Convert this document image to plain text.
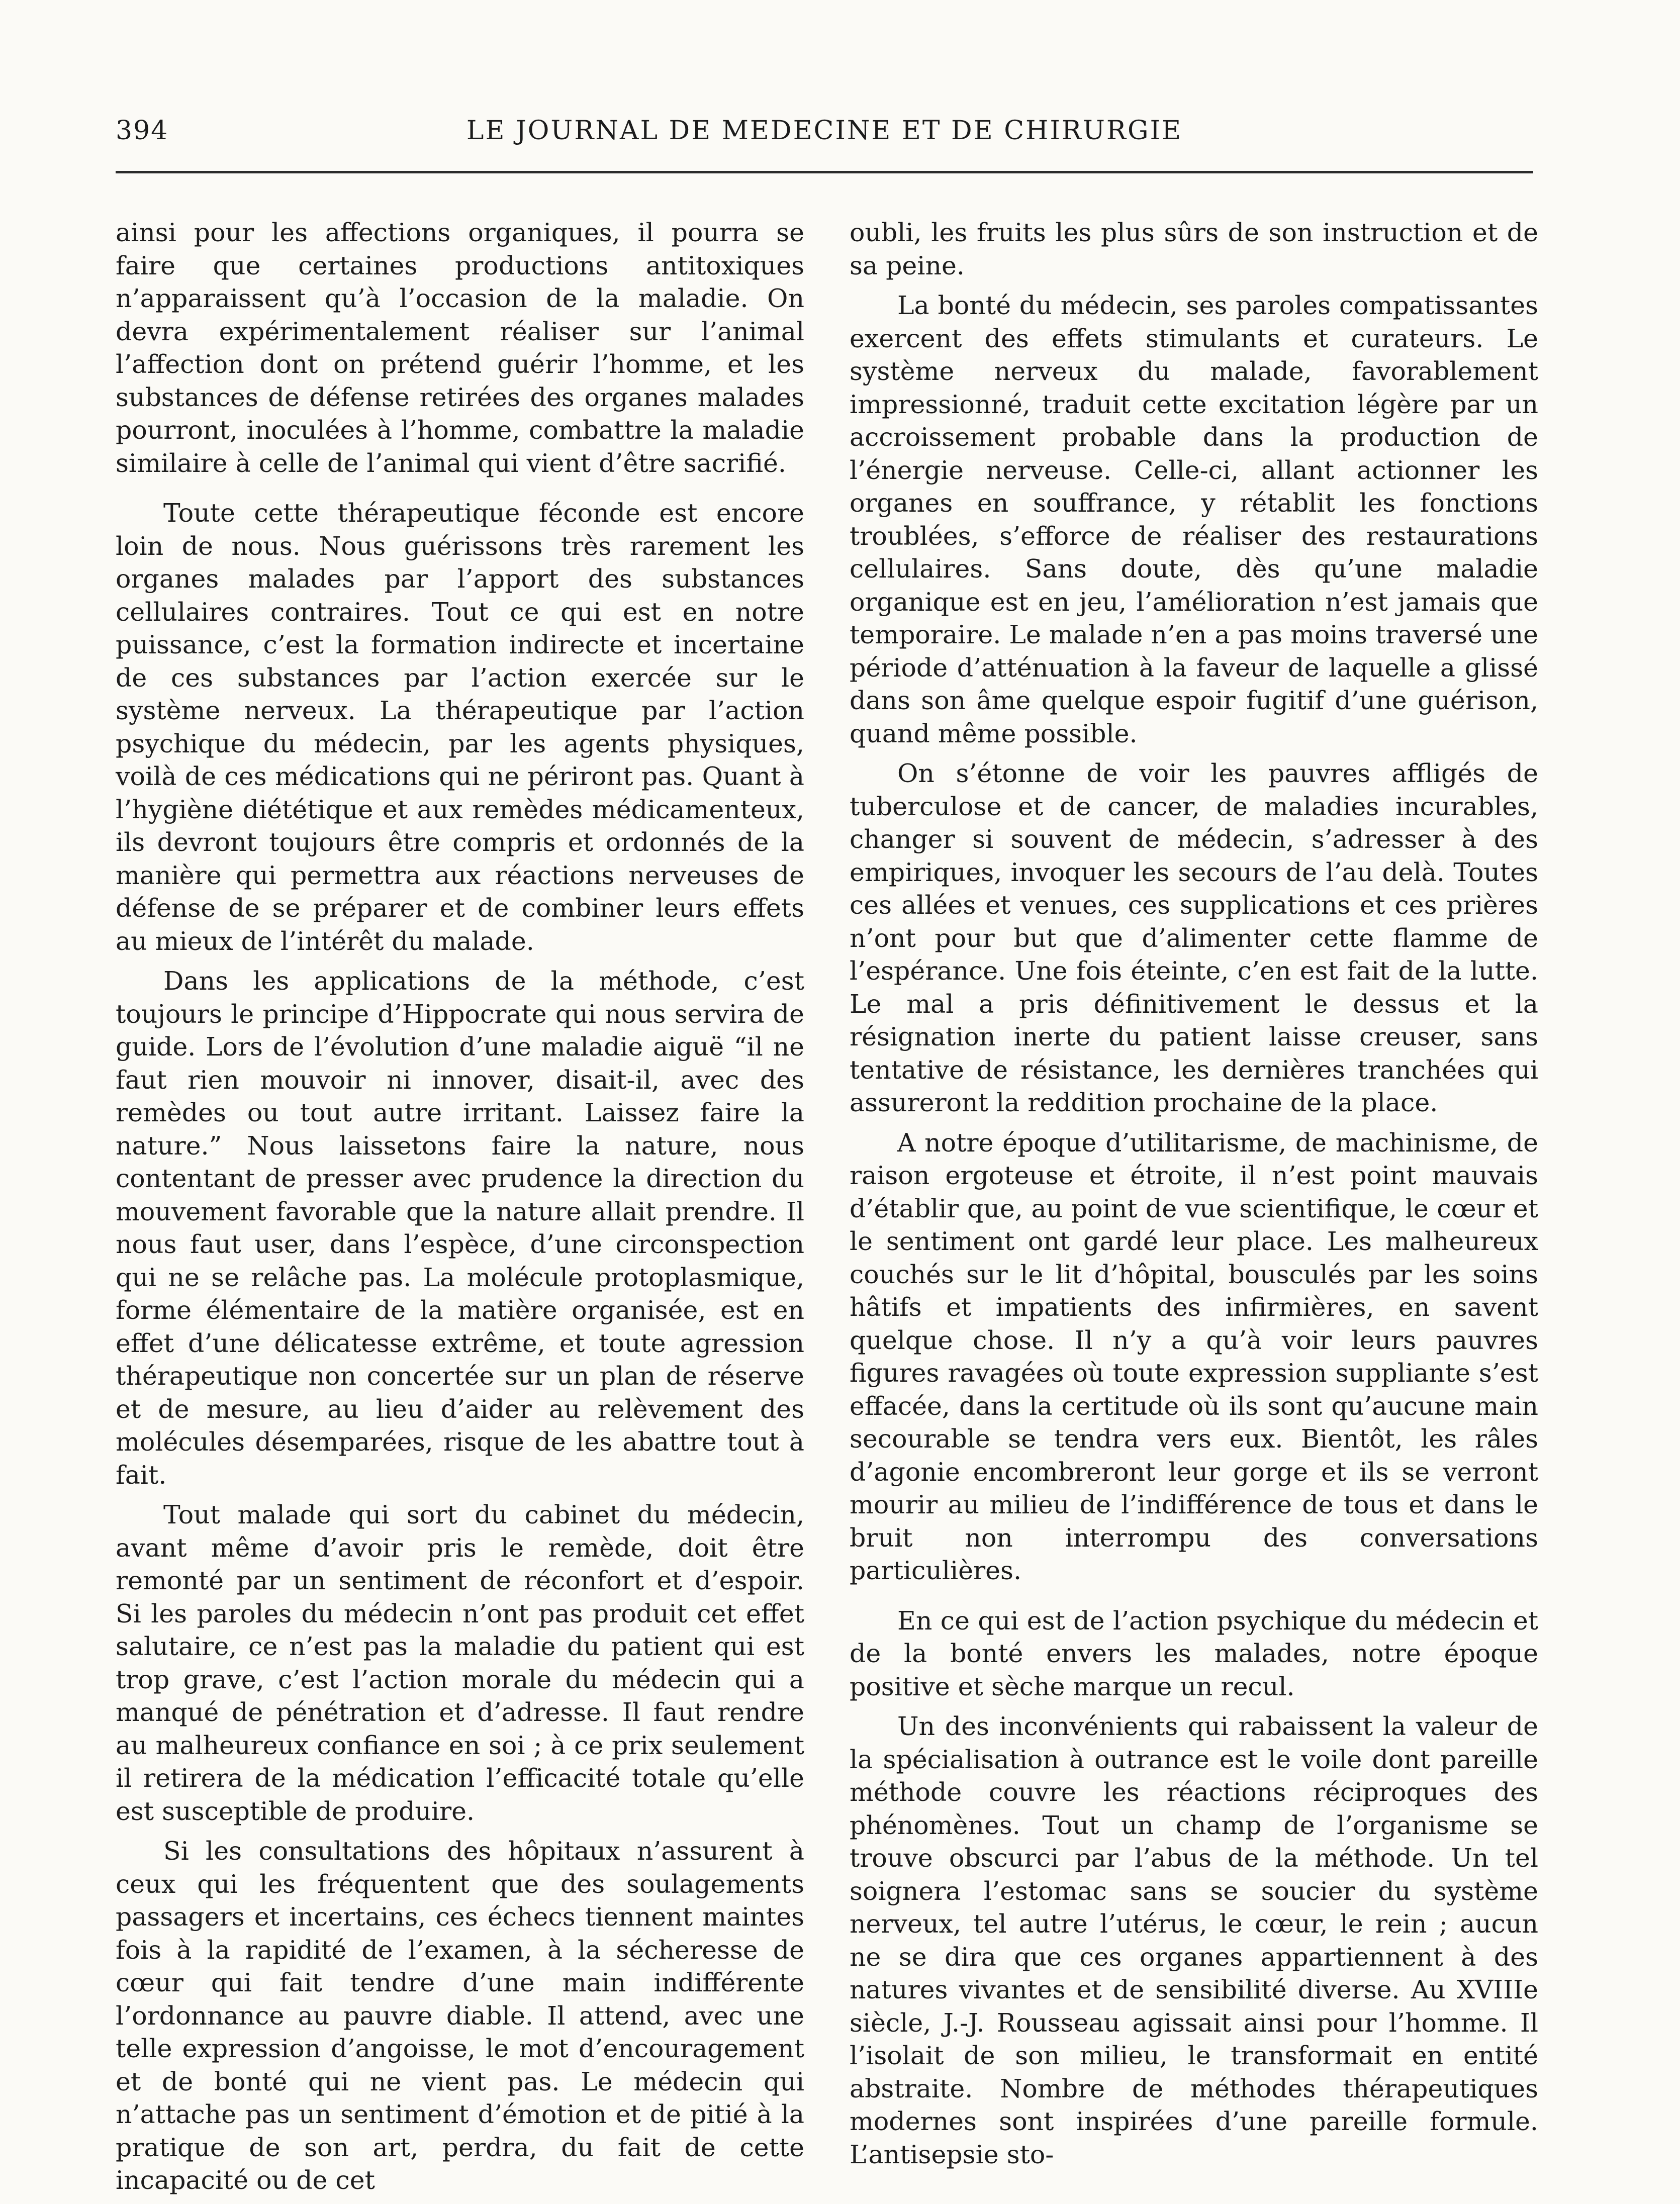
394	LE JOURNAL DE MEDECINE ET DE CHIRURGIE

ainsi pour les affections organiques, il pourra se faire que certaines productions antitoxiques n’apparaissent qu’à l’occasion de la maladie. On devra expérimentalement réaliser sur l’animal l’affection dont on prétend guérir l’homme, et les substances de défense retirées des organes malades pourront, inoculées à l’homme, combattre la maladie similaire à celle de l’animal qui vient d’être sacrifié.

Toute cette thérapeutique féconde est encore loin de nous. Nous guérissons très rarement les organes malades par l’apport des substances cellulaires contraires. Tout ce qui est en notre puissance, c’est la formation indirecte et incertaine de ces substances par l’action exercée sur le système nerveux. La thérapeutique par l’action psychique du médecin, par les agents physiques, voilà de ces médications qui ne périront pas. Quant à l’hygiène diététique et aux remèdes médicamenteux, ils devront toujours être compris et ordonnés de la manière qui permettra aux réactions nerveuses de défense de se préparer et de combiner leurs effets au mieux de l’intérêt du malade.

Dans les applications de la méthode, c’est toujours le principe d’Hippocrate qui nous servira de guide. Lors de l’évolution d’une maladie aiguë “il ne faut rien mouvoir ni innover, disait-il, avec des remèdes ou tout autre irritant. Laissez faire la nature.” Nous laissetons faire la nature, nous contentant de presser avec prudence la direction du mouvement favorable que la nature allait prendre. Il nous faut user, dans l’espèce, d’une circonspection qui ne se relâche pas. La molécule protoplasmique, forme élémentaire de la matière organisée, est en effet d’une délicatesse extrême, et toute agression thérapeutique non concertée sur un plan de réserve et de mesure, au lieu d’aider au relèvement des molécules désemparées, risque de les abattre tout à fait.

Tout malade qui sort du cabinet du médecin, avant même d’avoir pris le remède, doit être remonté par un sentiment de réconfort et d’espoir. Si les paroles du médecin n’ont pas produit cet effet salutaire, ce n’est pas la maladie du patient qui est trop grave, c’est l’action morale du médecin qui a manqué de pénétration et d’adresse. Il faut rendre au malheureux confiance en soi ; à ce prix seulement il retirera de la médication l’efficacité totale qu’elle est susceptible de produire.

Si les consultations des hôpitaux n’assurent à ceux qui les fréquentent que des soulagements passagers et incertains, ces échecs tiennent maintes fois à la rapidité de l’examen, à la sécheresse de cœur qui fait tendre d’une main indifférente l’ordonnance au pauvre diable. Il attend, avec une telle expression d’angoisse, le mot d’encouragement et de bonté qui ne vient pas. Le médecin qui n’attache pas un sentiment d’émotion et de pitié à la pratique de son art, perdra, du fait de cette incapacité ou de cet

oubli, les fruits les plus sûrs de son instruction et de sa peine.

La bonté du médecin, ses paroles compatissantes exercent des effets stimulants et curateurs. Le système nerveux du malade, favorablement impressionné, traduit cette excitation légère par un accroissement probable dans la production de l’énergie nerveuse. Celle-ci, allant actionner les organes en souffrance, y rétablit les fonctions troublées, s’efforce de réaliser des restaurations cellulaires. Sans doute, dès qu’une maladie organique est en jeu, l’amélioration n’est jamais que temporaire. Le malade n’en a pas moins traversé une période d’atténuation à la faveur de laquelle a glissé dans son âme quelque espoir fugitif d’une guérison, quand même possible.

On s’étonne de voir les pauvres affligés de tuberculose et de cancer, de maladies incurables, changer si souvent de médecin, s’adresser à des empiriques, invoquer les secours de l’au delà. Toutes ces allées et venues, ces supplications et ces prières n’ont pour but que d’alimenter cette flamme de l’espérance. Une fois éteinte, c’en est fait de la lutte. Le mal a pris définitivement le dessus et la résignation inerte du patient laisse creuser, sans tentative de résistance, les dernières tranchées qui assureront la reddition prochaine de la place.

A notre époque d’utilitarisme, de machinisme, de raison ergoteuse et étroite, il n’est point mauvais d’établir que, au point de vue scientifique, le cœur et le sentiment ont gardé leur place. Les malheureux couchés sur le lit d’hôpital, bousculés par les soins hâtifs et impatients des infirmières, en savent quelque chose. Il n’y a qu’à voir leurs pauvres figures ravagées où toute expression suppliante s’est effacée, dans la certitude où ils sont qu’aucune main secourable se tendra vers eux. Bientôt, les râles d’agonie encombreront leur gorge et ils se verront mourir au milieu de l’indifférence de tous et dans le bruit non interrompu des conversations particulières.

En ce qui est de l’action psychique du médecin et de la bonté envers les malades, notre époque positive et sèche marque un recul.

Un des inconvénients qui rabaissent la valeur de la spécialisation à outrance est le voile dont pareille méthode couvre les réactions réciproques des phénomènes. Tout un champ de l’organisme se trouve obscurci par l’abus de la méthode. Un tel soignera l’estomac sans se soucier du système nerveux, tel autre l’utérus, le cœur, le rein ; aucun ne se dira que ces organes appartiennent à des natures vivantes et de sensibilité diverse. Au XVIIIe siècle, J.-J. Rousseau agissait ainsi pour l’homme. Il l’isolait de son milieu, le transformait en entité abstraite. Nombre de méthodes thérapeutiques modernes sont inspirées d’une pareille formule. L’antisepsie sto-
